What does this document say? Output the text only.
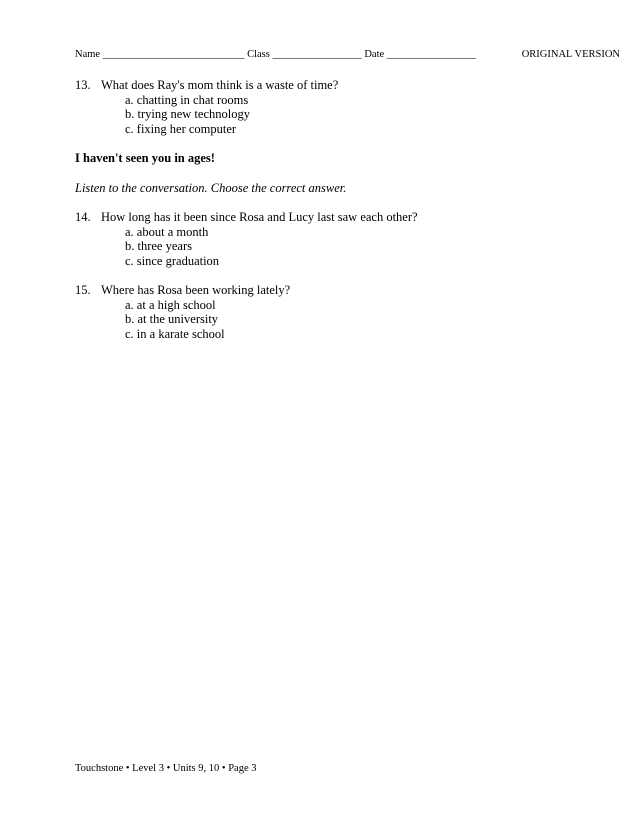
Name ___________________________ Class _________________ Date _________________	ORIGINAL VERSION

13. What does Ray's mom think is a waste of time?

a. chatting in chat rooms
b. trying new technology
c. fixing her computer

I haven't seen you in ages!

Listen to the conversation. Choose the correct answer.

14. How long has it been since Rosa and Lucy last saw each other?

a. about a month
b. three years
c. since graduation

15. Where has Rosa been working lately?

a. at a high school
b. at the university
c. in a karate school
Touchstone • Level 3 • Units 9, 10 • Page 3
